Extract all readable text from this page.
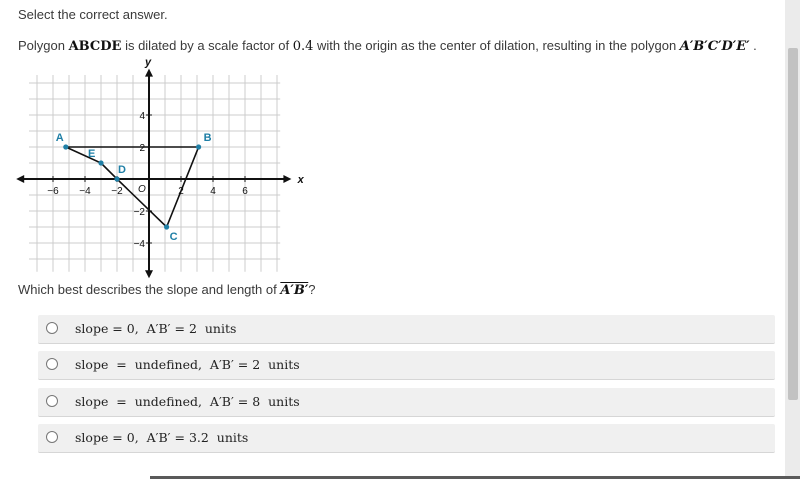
Select the correct answer.
Polygon ABCDE is dilated by a scale factor of 0.4 with the origin as the center of dilation, resulting in the polygon A′B′C′D′E′ .
x
y
−6 −4 −2	2	4	6
4
2
−2
−4
O
A	B
C
D
E
Which best describes the slope and length of A′B′?
slope = 0,  A′B′ = 2  units
slope  =  undefined,  A′B′ = 2  units
slope  =  undefined,  A′B′ = 8  units
slope = 0,  A′B′ = 3.2  units
